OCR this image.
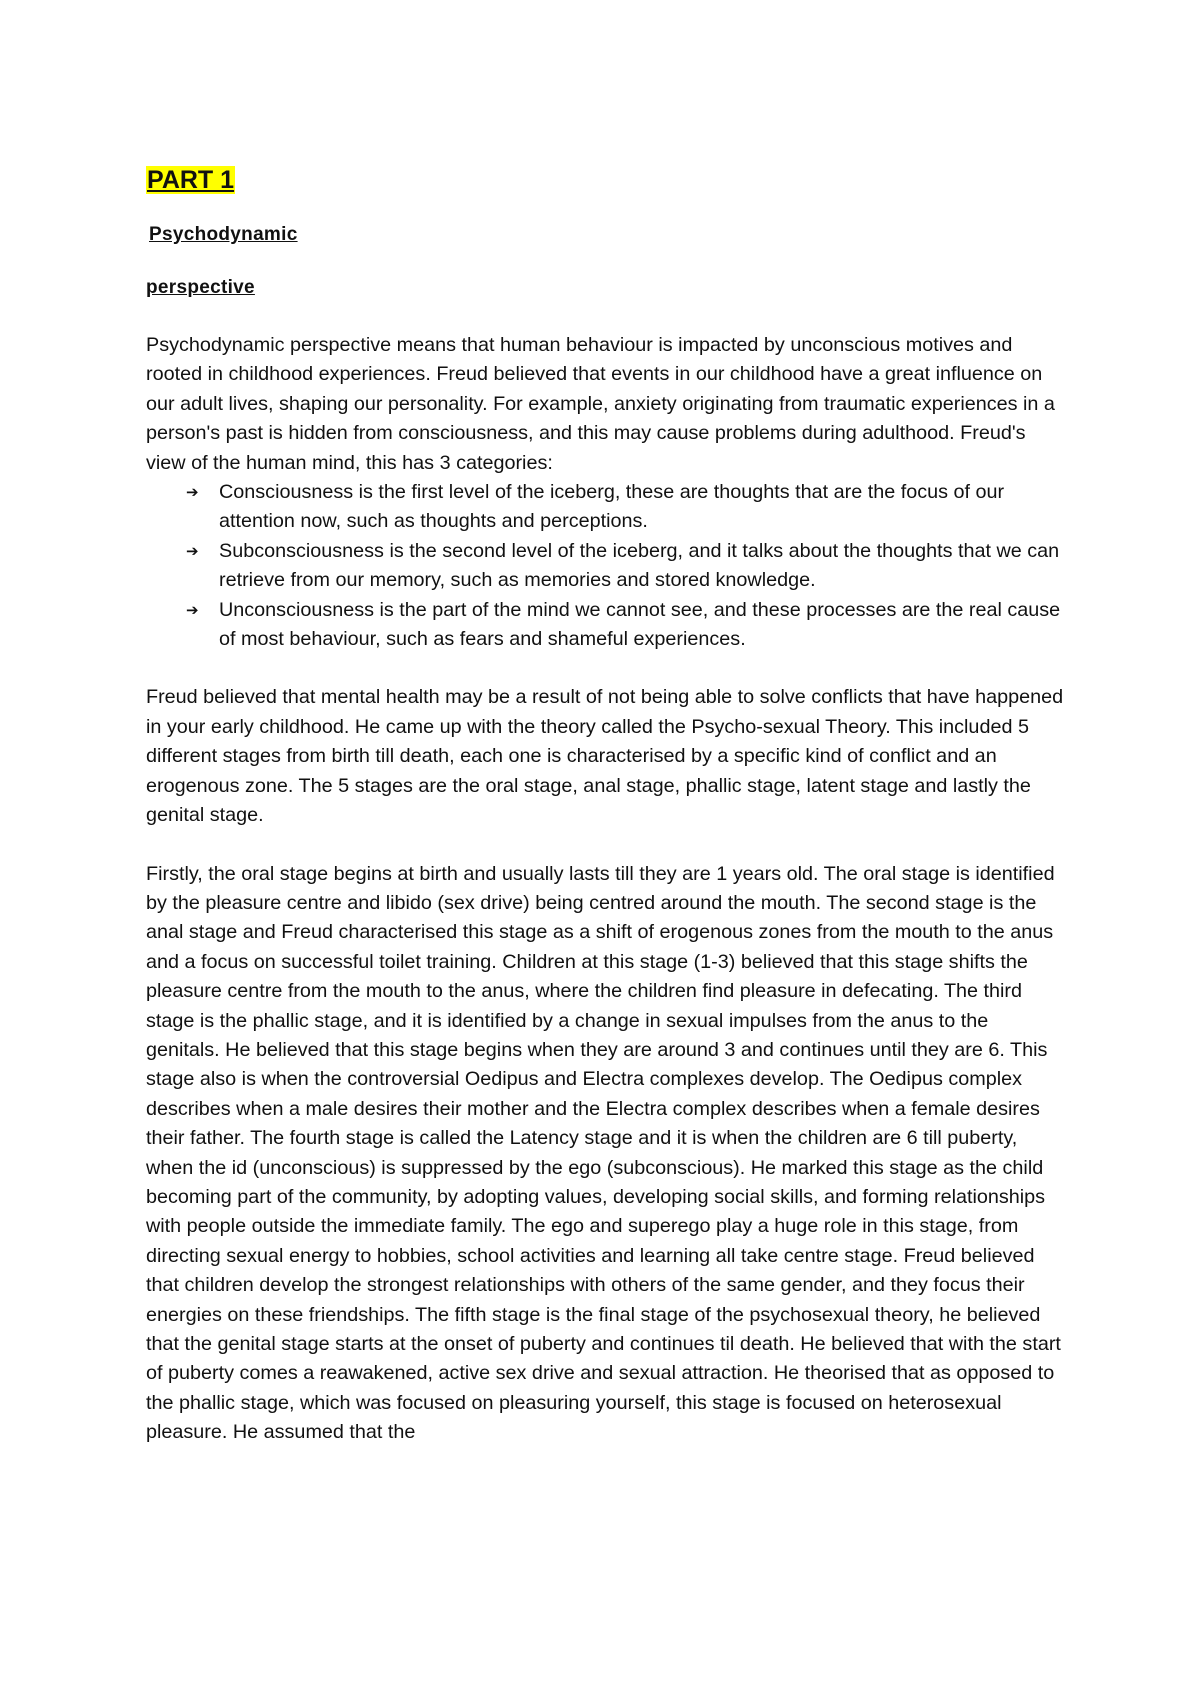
PART 1
Psychodynamic
perspective

Psychodynamic perspective means that human behaviour is impacted by unconscious motives and rooted in childhood experiences. Freud believed that events in our childhood have a great influence on our adult lives, shaping our personality. For example, anxiety originating from traumatic experiences in a person's past is hidden from consciousness, and this may cause problems during adulthood. Freud's view of the human mind, this has 3 categories:

➔ Consciousness is the first level of the iceberg, these are thoughts that are the focus of our attention now, such as thoughts and perceptions.
➔ Subconsciousness is the second level of the iceberg, and it talks about the thoughts that we can retrieve from our memory, such as memories and stored knowledge.
➔ Unconsciousness is the part of the mind we cannot see, and these processes are the real cause of most behaviour, such as fears and shameful experiences.

Freud believed that mental health may be a result of not being able to solve conflicts that have happened in your early childhood. He came up with the theory called the Psycho-sexual Theory. This included 5 different stages from birth till death, each one is characterised by a specific kind of conflict and an erogenous zone. The 5 stages are the oral stage, anal stage, phallic stage, latent stage and lastly the genital stage.

Firstly, the oral stage begins at birth and usually lasts till they are 1 years old. The oral stage is identified by the pleasure centre and libido (sex drive) being centred around the mouth. The second stage is the anal stage and Freud characterised this stage as a shift of erogenous zones from the mouth to the anus and a focus on successful toilet training. Children at this stage (1-3) believed that this stage shifts the pleasure centre from the mouth to the anus, where the children find pleasure in defecating. The third stage is the phallic stage, and it is identified by a change in sexual impulses from the anus to the genitals. He believed that this stage begins when they are around 3 and continues until they are 6. This stage also is when the controversial Oedipus and Electra complexes develop. The Oedipus complex describes when a male desires their mother and the Electra complex describes when a female desires their father. The fourth stage is called the Latency stage and it is when the children are 6 till puberty, when the id (unconscious) is suppressed by the ego (subconscious). He marked this stage as the child becoming part of the community, by adopting values, developing social skills, and forming relationships with people outside the immediate family. The ego and superego play a huge role in this stage, from directing sexual energy to hobbies, school activities and learning all take centre stage. Freud believed that children develop the strongest relationships with others of the same gender, and they focus their energies on these friendships. The fifth stage is the final stage of the psychosexual theory, he believed that the genital stage starts at the onset of puberty and continues til death. He believed that with the start of puberty comes a reawakened, active sex drive and sexual attraction. He theorised that as opposed to the phallic stage, which was focused on pleasuring yourself, this stage is focused on heterosexual pleasure. He assumed that the
